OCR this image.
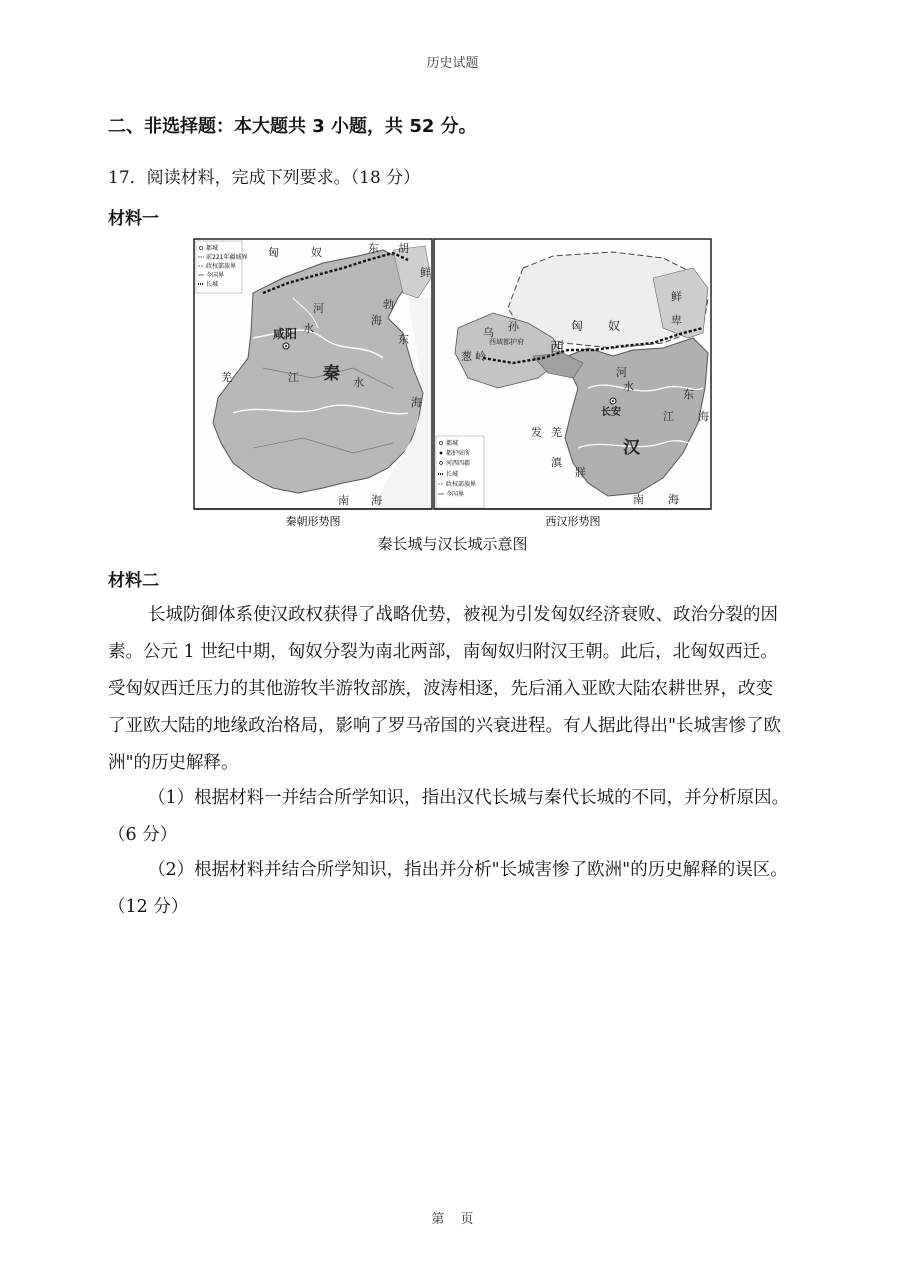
历史试题
二、非选择题：本大题共 3 小题，共 52 分。
17．阅读材料，完成下列要求。（18 分）
材料一
都城
前221年疆域界
政权部族界
今国界
长城
匈	奴	东 胡
鲜
勃
海
河
水
咸阳
羌	江 秦 水
东
海
南 海
秦朝形势图
都城
都护驻所
河西四郡
长城
政权部族界
今国界
鲜
卑
匈 奴
乌 孙
西域都护府 西
葱 岭
长安
发 羌
汉
东
海
南 海
河
水
江
滇
牂
西汉形势图
秦长城与汉长城示意图
材料二
长城防御体系使汉政权获得了战略优势，被视为引发匈奴经济衰败、政治分裂的因素。公元 1 世纪中期，匈奴分裂为南北两部，南匈奴归附汉王朝。此后，北匈奴西迁。受匈奴西迁压力的其他游牧半游牧部族，波涛相逐，先后涌入亚欧大陆农耕世界，改变了亚欧大陆的地缘政治格局，影响了罗马帝国的兴衰进程。有人据此得出"长城害惨了欧洲"的历史解释。
（1）根据材料一并结合所学知识，指出汉代长城与秦代长城的不同，并分析原因。（6 分）
（2）根据材料并结合所学知识，指出并分析"长城害惨了欧洲"的历史解释的误区。（12 分）
第 页
